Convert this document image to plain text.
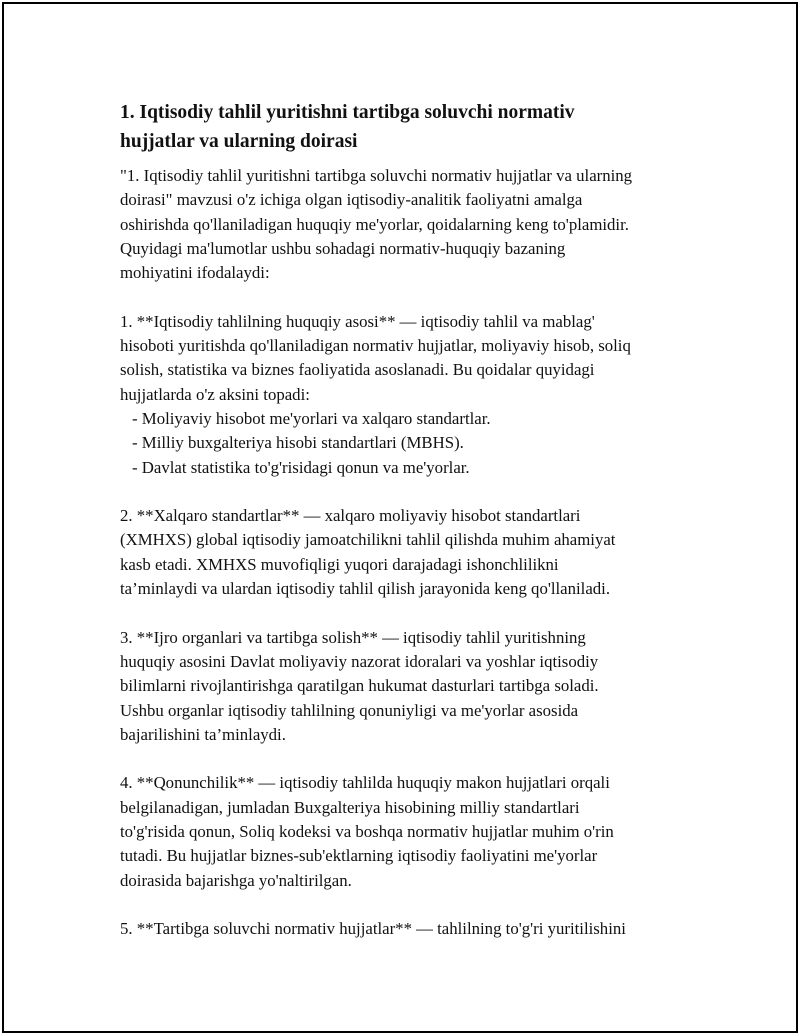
1. Iqtisodiy tahlil yuritishni tartibga soluvchi normativ
hujjatlar va ularning doirasi
"1. Iqtisodiy tahlil yuritishni tartibga soluvchi normativ hujjatlar va ularning
doirasi" mavzusi o'z ichiga olgan iqtisodiy-analitik faoliyatni amalga
oshirishda qo'llaniladigan huquqiy me'yorlar, qoidalarning keng to'plamidir.
Quyidagi ma'lumotlar ushbu sohadagi normativ-huquqiy bazaning
mohiyatini ifodalaydi:
1. **Iqtisodiy tahlilning huquqiy asosi** — iqtisodiy tahlil va mablag'
hisoboti yuritishda qo'llaniladigan normativ hujjatlar, moliyaviy hisob, soliq
solish, statistika va biznes faoliyatida asoslanadi. Bu qoidalar quyidagi
hujjatlarda o'z aksini topadi:
- Moliyaviy hisobot me'yorlari va xalqaro standartlar.
- Milliy buxgalteriya hisobi standartlari (MBHS).
- Davlat statistika to'g'risidagi qonun va me'yorlar.
2. **Xalqaro standartlar** — xalqaro moliyaviy hisobot standartlari
(XMHXS) global iqtisodiy jamoatchilikni tahlil qilishda muhim ahamiyat
kasb etadi. XMHXS muvofiqligi yuqori darajadagi ishonchlilikni
ta’minlaydi va ulardan iqtisodiy tahlil qilish jarayonida keng qo'llaniladi.
3. **Ijro organlari va tartibga solish** — iqtisodiy tahlil yuritishning
huquqiy asosini Davlat moliyaviy nazorat idoralari va yoshlar iqtisodiy
bilimlarni rivojlantirishga qaratilgan hukumat dasturlari tartibga soladi.
Ushbu organlar iqtisodiy tahlilning qonuniyligi va me'yorlar asosida
bajarilishini ta’minlaydi.
4. **Qonunchilik** — iqtisodiy tahlilda huquqiy makon hujjatlari orqali
belgilanadigan, jumladan Buxgalteriya hisobining milliy standartlari
to'g'risida qonun, Soliq kodeksi va boshqa normativ hujjatlar muhim o'rin
tutadi. Bu hujjatlar biznes-sub'ektlarning iqtisodiy faoliyatini me'yorlar
doirasida bajarishga yo'naltirilgan.
5. **Tartibga soluvchi normativ hujjatlar** — tahlilning to'g'ri yuritilishini
